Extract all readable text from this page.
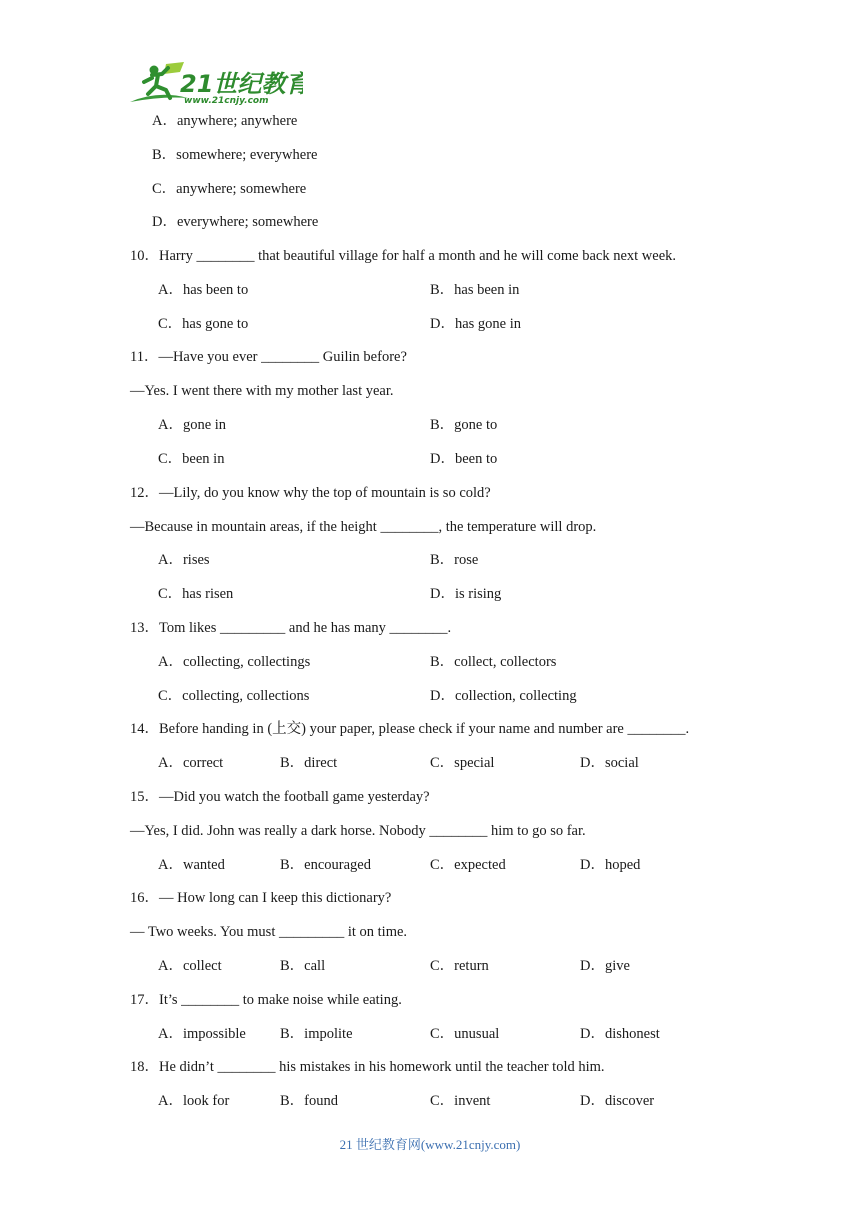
21世纪教育
www.21cnjy.com
A．anywhere; anywhere
B．somewhere; everywhere
C．anywhere; somewhere
D．everywhere; somewhere
10．Harry ________ that beautiful village for half a month and he will come back next week.
A．has been to	B．has been in
C．has gone to	D．has gone in
11．—Have you ever ________ Guilin before?
—Yes. I went there with my mother last year.
A．gone in	B．gone to
C．been in	D．been to
12．—Lily, do you know why the top of mountain is so cold?
—Because in mountain areas, if the height ________, the temperature will drop.
A．rises	B．rose
C．has risen	D．is rising
13．Tom likes _________ and he has many ________.
A．collecting, collectings	B．collect, collectors
C．collecting, collections	D．collection, collecting
14．Before handing in (上交) your paper, please check if your name and number are ________.
A．correct	B．direct	C．special	D．social
15．—Did you watch the football game yesterday?
—Yes, I did. John was really a dark horse. Nobody ________ him to go so far.
A．wanted	B．encouraged	C．expected	D．hoped
16．— How long can I keep this dictionary?
— Two weeks. You must _________ it on time.
A．collect	B．call	C．return	D．give
17．It’s ________ to make noise while eating.
A．impossible B．impolite	C．unusual	D．dishonest
18．He didn’t ________ his mistakes in his homework until the teacher told him.
A．look for	B．found	C．invent	D．discover
21 世纪教育网(www.21cnjy.com)
